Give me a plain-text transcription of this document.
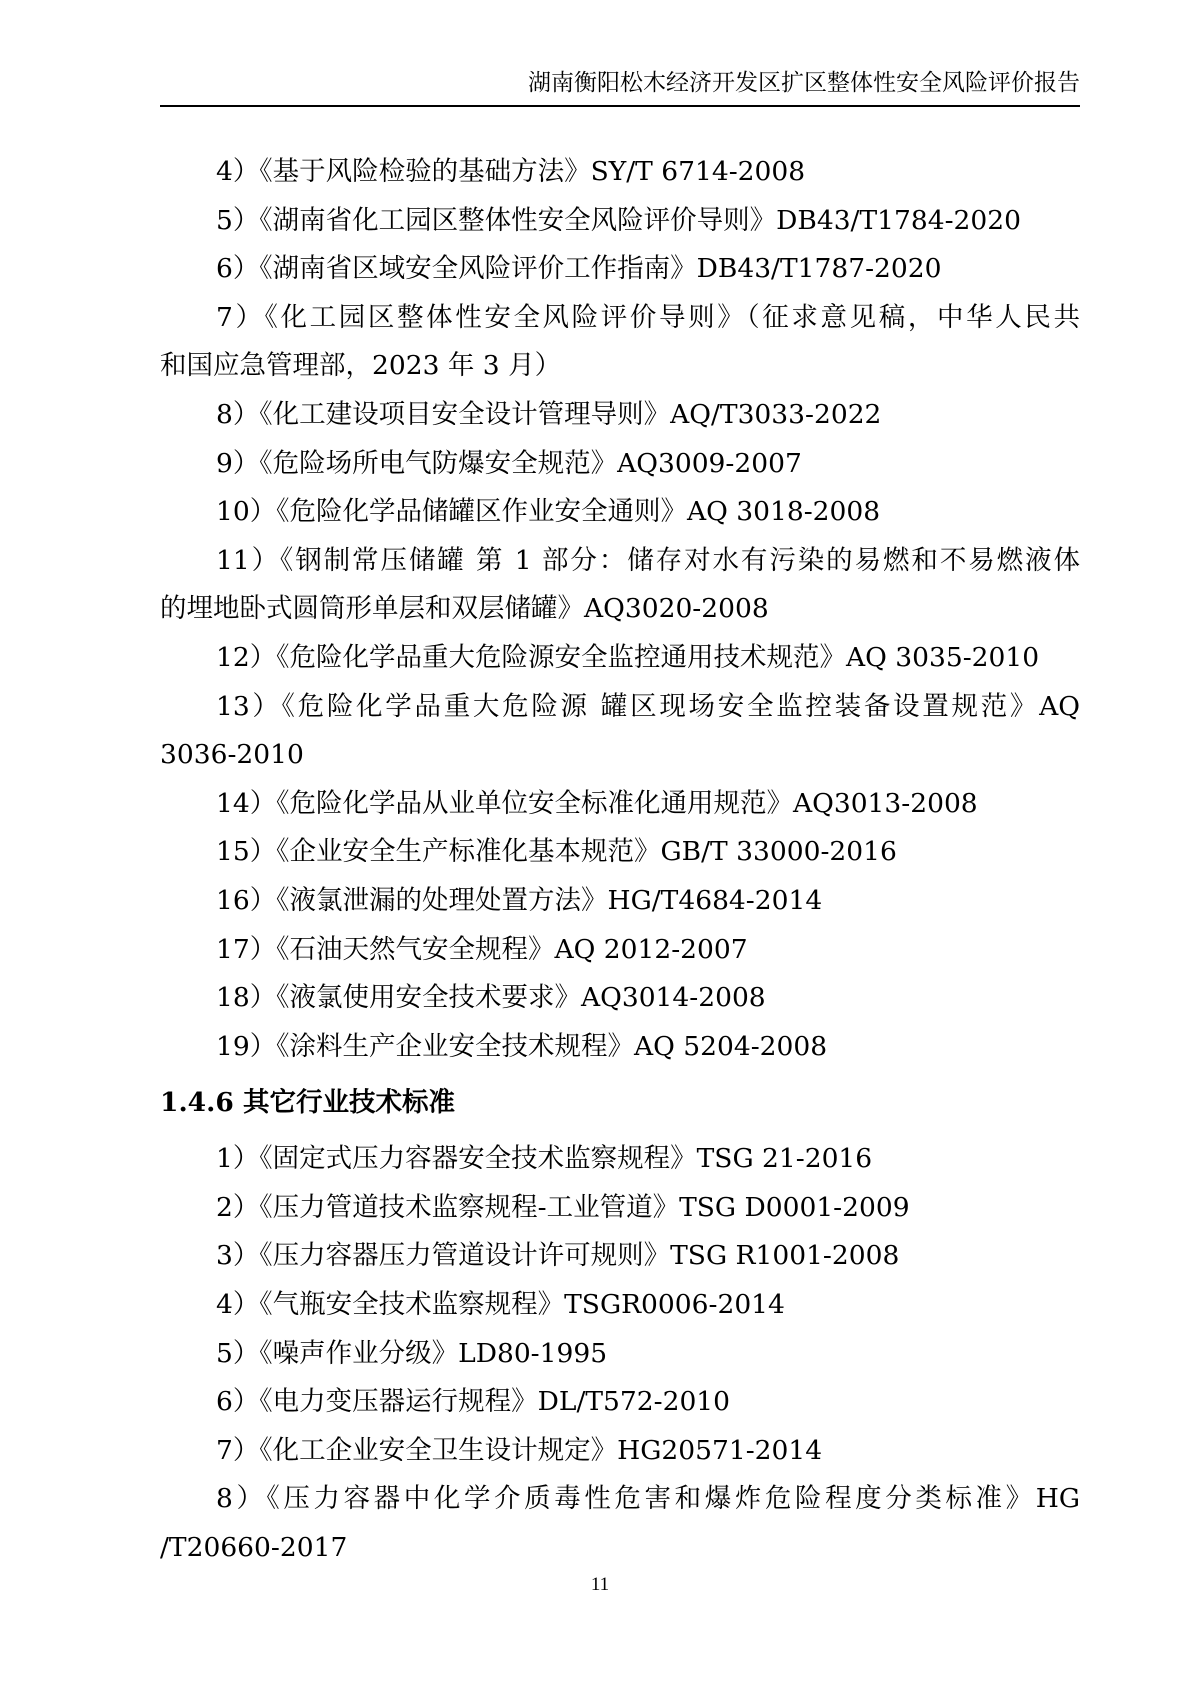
湖南衡阳松木经济开发区扩区整体性安全风险评价报告
4）《基于风险检验的基础方法》SY/T 6714-2008
5）《湖南省化工园区整体性安全风险评价导则》DB43/T1784-2020
6）《湖南省区域安全风险评价工作指南》DB43/T1787-2020
7）《化工园区整体性安全风险评价导则》（征求意见稿，中华人民共
和国应急管理部，2023 年 3 月）
8）《化工建设项目安全设计管理导则》AQ/T3033-2022
9）《危险场所电气防爆安全规范》AQ3009-2007
10）《危险化学品储罐区作业安全通则》AQ 3018-2008
11）《钢制常压储罐 第 1 部分：储存对水有污染的易燃和不易燃液体
的埋地卧式圆筒形单层和双层储罐》AQ3020-2008
12）《危险化学品重大危险源安全监控通用技术规范》AQ 3035-2010
13）《危险化学品重大危险源 罐区现场安全监控装备设置规范》AQ
3036-2010
14）《危险化学品从业单位安全标准化通用规范》AQ3013-2008
15）《企业安全生产标准化基本规范》GB/T 33000-2016
16）《液氯泄漏的处理处置方法》HG/T4684-2014
17）《石油天然气安全规程》AQ 2012-2007
18）《液氯使用安全技术要求》AQ3014-2008
19）《涂料生产企业安全技术规程》AQ 5204-2008
1.4.6 其它行业技术标准
1）《固定式压力容器安全技术监察规程》TSG 21-2016
2）《压力管道技术监察规程-工业管道》TSG D0001-2009
3）《压力容器压力管道设计许可规则》TSG R1001-2008
4）《气瓶安全技术监察规程》TSGR0006-2014
5）《噪声作业分级》LD80-1995
6）《电力变压器运行规程》DL/T572-2010
7）《化工企业安全卫生设计规定》HG20571-2014
8）《压力容器中化学介质毒性危害和爆炸危险程度分类标准》HG
/T20660-2017
11
